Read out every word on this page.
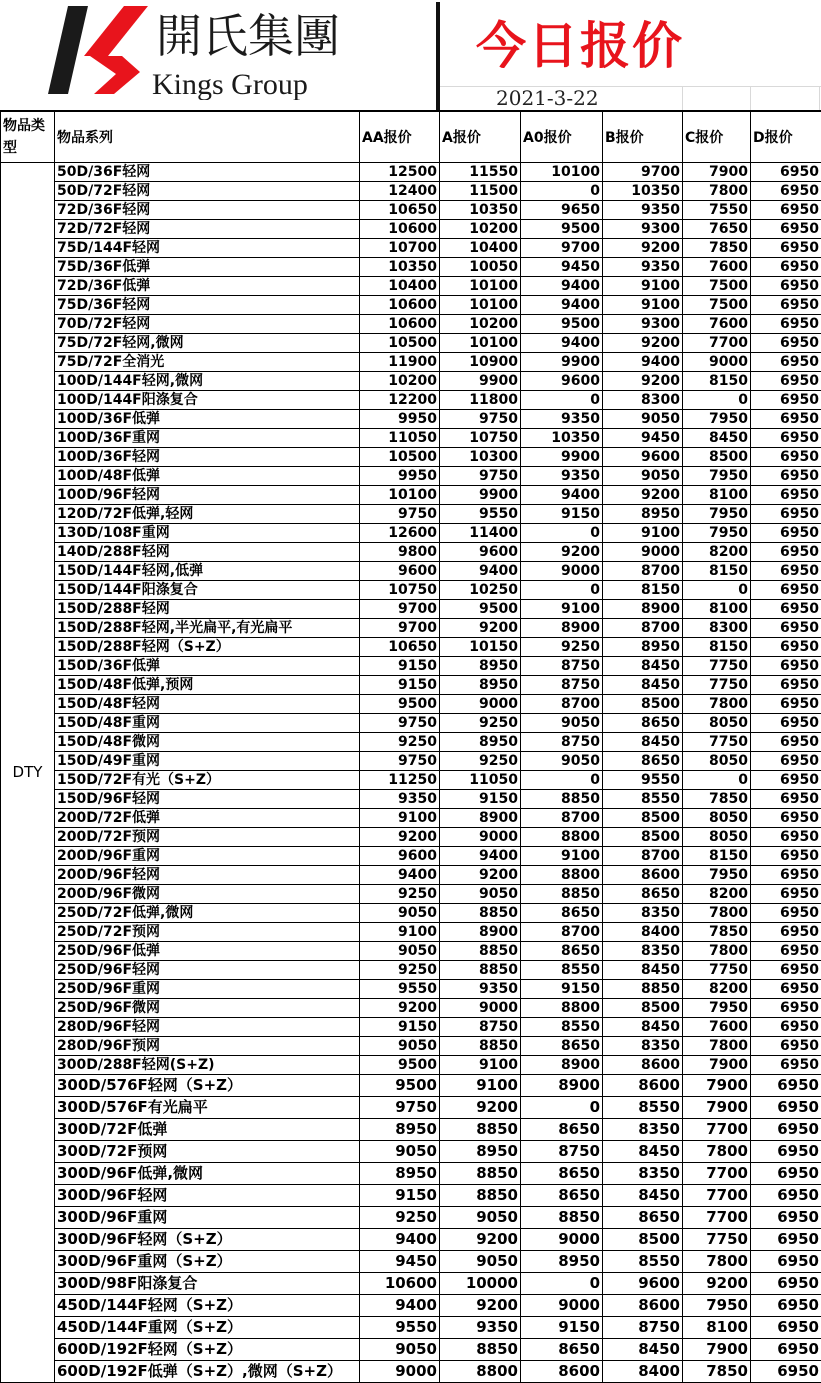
開氏集團
Kings Group
今日报价
2021-3-22
物品类型	物品系列	AA报价	A报价	A0报价	B报价	C报价	D报价
DTY	50D/36F轻网	12500	11550	10100	9700	7900	6950
	50D/72F轻网	12400	11500	0	10350	7800	6950
	72D/36F轻网	10650	10350	9650	9350	7550	6950
	72D/72F轻网	10600	10200	9500	9300	7650	6950
	75D/144F轻网	10700	10400	9700	9200	7850	6950
	75D/36F低弹	10350	10050	9450	9350	7600	6950
	72D/36F低弹	10400	10100	9400	9100	7500	6950
	75D/36F轻网	10600	10100	9400	9100	7500	6950
	70D/72F轻网	10600	10200	9500	9300	7600	6950
	75D/72F轻网,微网	10500	10100	9400	9200	7700	6950
	75D/72F全消光	11900	10900	9900	9400	9000	6950
	100D/144F轻网,微网	10200	9900	9600	9200	8150	6950
	100D/144F阳涤复合	12200	11800	0	8300	0	6950
	100D/36F低弹	9950	9750	9350	9050	7950	6950
	100D/36F重网	11050	10750	10350	9450	8450	6950
	100D/36F轻网	10500	10300	9900	9600	8500	6950
	100D/48F低弹	9950	9750	9350	9050	7950	6950
	100D/96F轻网	10100	9900	9400	9200	8100	6950
	120D/72F低弹,轻网	9750	9550	9150	8950	7950	6950
	130D/108F重网	12600	11400	0	9100	7950	6950
	140D/288F轻网	9800	9600	9200	9000	8200	6950
	150D/144F轻网,低弹	9600	9400	9000	8700	8150	6950
	150D/144F阳涤复合	10750	10250	0	8150	0	6950
	150D/288F轻网	9700	9500	9100	8900	8100	6950
	150D/288F轻网,半光扁平,有光扁平	9700	9200	8900	8700	8300	6950
	150D/288F轻网（S+Z）	10650	10150	9250	8950	8150	6950
	150D/36F低弹	9150	8950	8750	8450	7750	6950
	150D/48F低弹,预网	9150	8950	8750	8450	7750	6950
	150D/48F轻网	9500	9000	8700	8500	7800	6950
	150D/48F重网	9750	9250	9050	8650	8050	6950
	150D/48F微网	9250	8950	8750	8450	7750	6950
	150D/49F重网	9750	9250	9050	8650	8050	6950
	150D/72F有光（S+Z）	11250	11050	0	9550	0	6950
	150D/96F轻网	9350	9150	8850	8550	7850	6950
	200D/72F低弹	9100	8900	8700	8500	8050	6950
	200D/72F预网	9200	9000	8800	8500	8050	6950
	200D/96F重网	9600	9400	9100	8700	8150	6950
	200D/96F轻网	9400	9200	8800	8600	7950	6950
	200D/96F微网	9250	9050	8850	8650	8200	6950
	250D/72F低弹,微网	9050	8850	8650	8350	7800	6950
	250D/72F预网	9100	8900	8700	8400	7850	6950
	250D/96F低弹	9050	8850	8650	8350	7800	6950
	250D/96F轻网	9250	8850	8550	8450	7750	6950
	250D/96F重网	9550	9350	9150	8850	8200	6950
	250D/96F微网	9200	9000	8800	8500	7950	6950
	280D/96F轻网	9150	8750	8550	8450	7600	6950
	280D/96F预网	9050	8850	8650	8350	7800	6950
	300D/288F轻网(S+Z)	9500	9100	8900	8600	7900	6950
	300D/576F轻网（S+Z）	9500	9100	8900	8600	7900	6950
	300D/576F有光扁平	9750	9200	0	8550	7900	6950
	300D/72F低弹	8950	8850	8650	8350	7700	6950
	300D/72F预网	9050	8950	8750	8450	7800	6950
	300D/96F低弹,微网	8950	8850	8650	8350	7700	6950
	300D/96F轻网	9150	8850	8650	8450	7700	6950
	300D/96F重网	9250	9050	8850	8650	7700	6950
	300D/96F轻网（S+Z）	9400	9200	9000	8500	7750	6950
	300D/96F重网（S+Z）	9450	9050	8950	8550	7800	6950
	300D/98F阳涤复合	10600	10000	0	9600	9200	6950
	450D/144F轻网（S+Z）	9400	9200	9000	8600	7950	6950
	450D/144F重网（S+Z）	9550	9350	9150	8750	8100	6950
	600D/192F轻网（S+Z）	9050	8850	8650	8450	7900	6950
	600D/192F低弹（S+Z）,微网（S+Z）	9000	8800	8600	8400	7850	6950
